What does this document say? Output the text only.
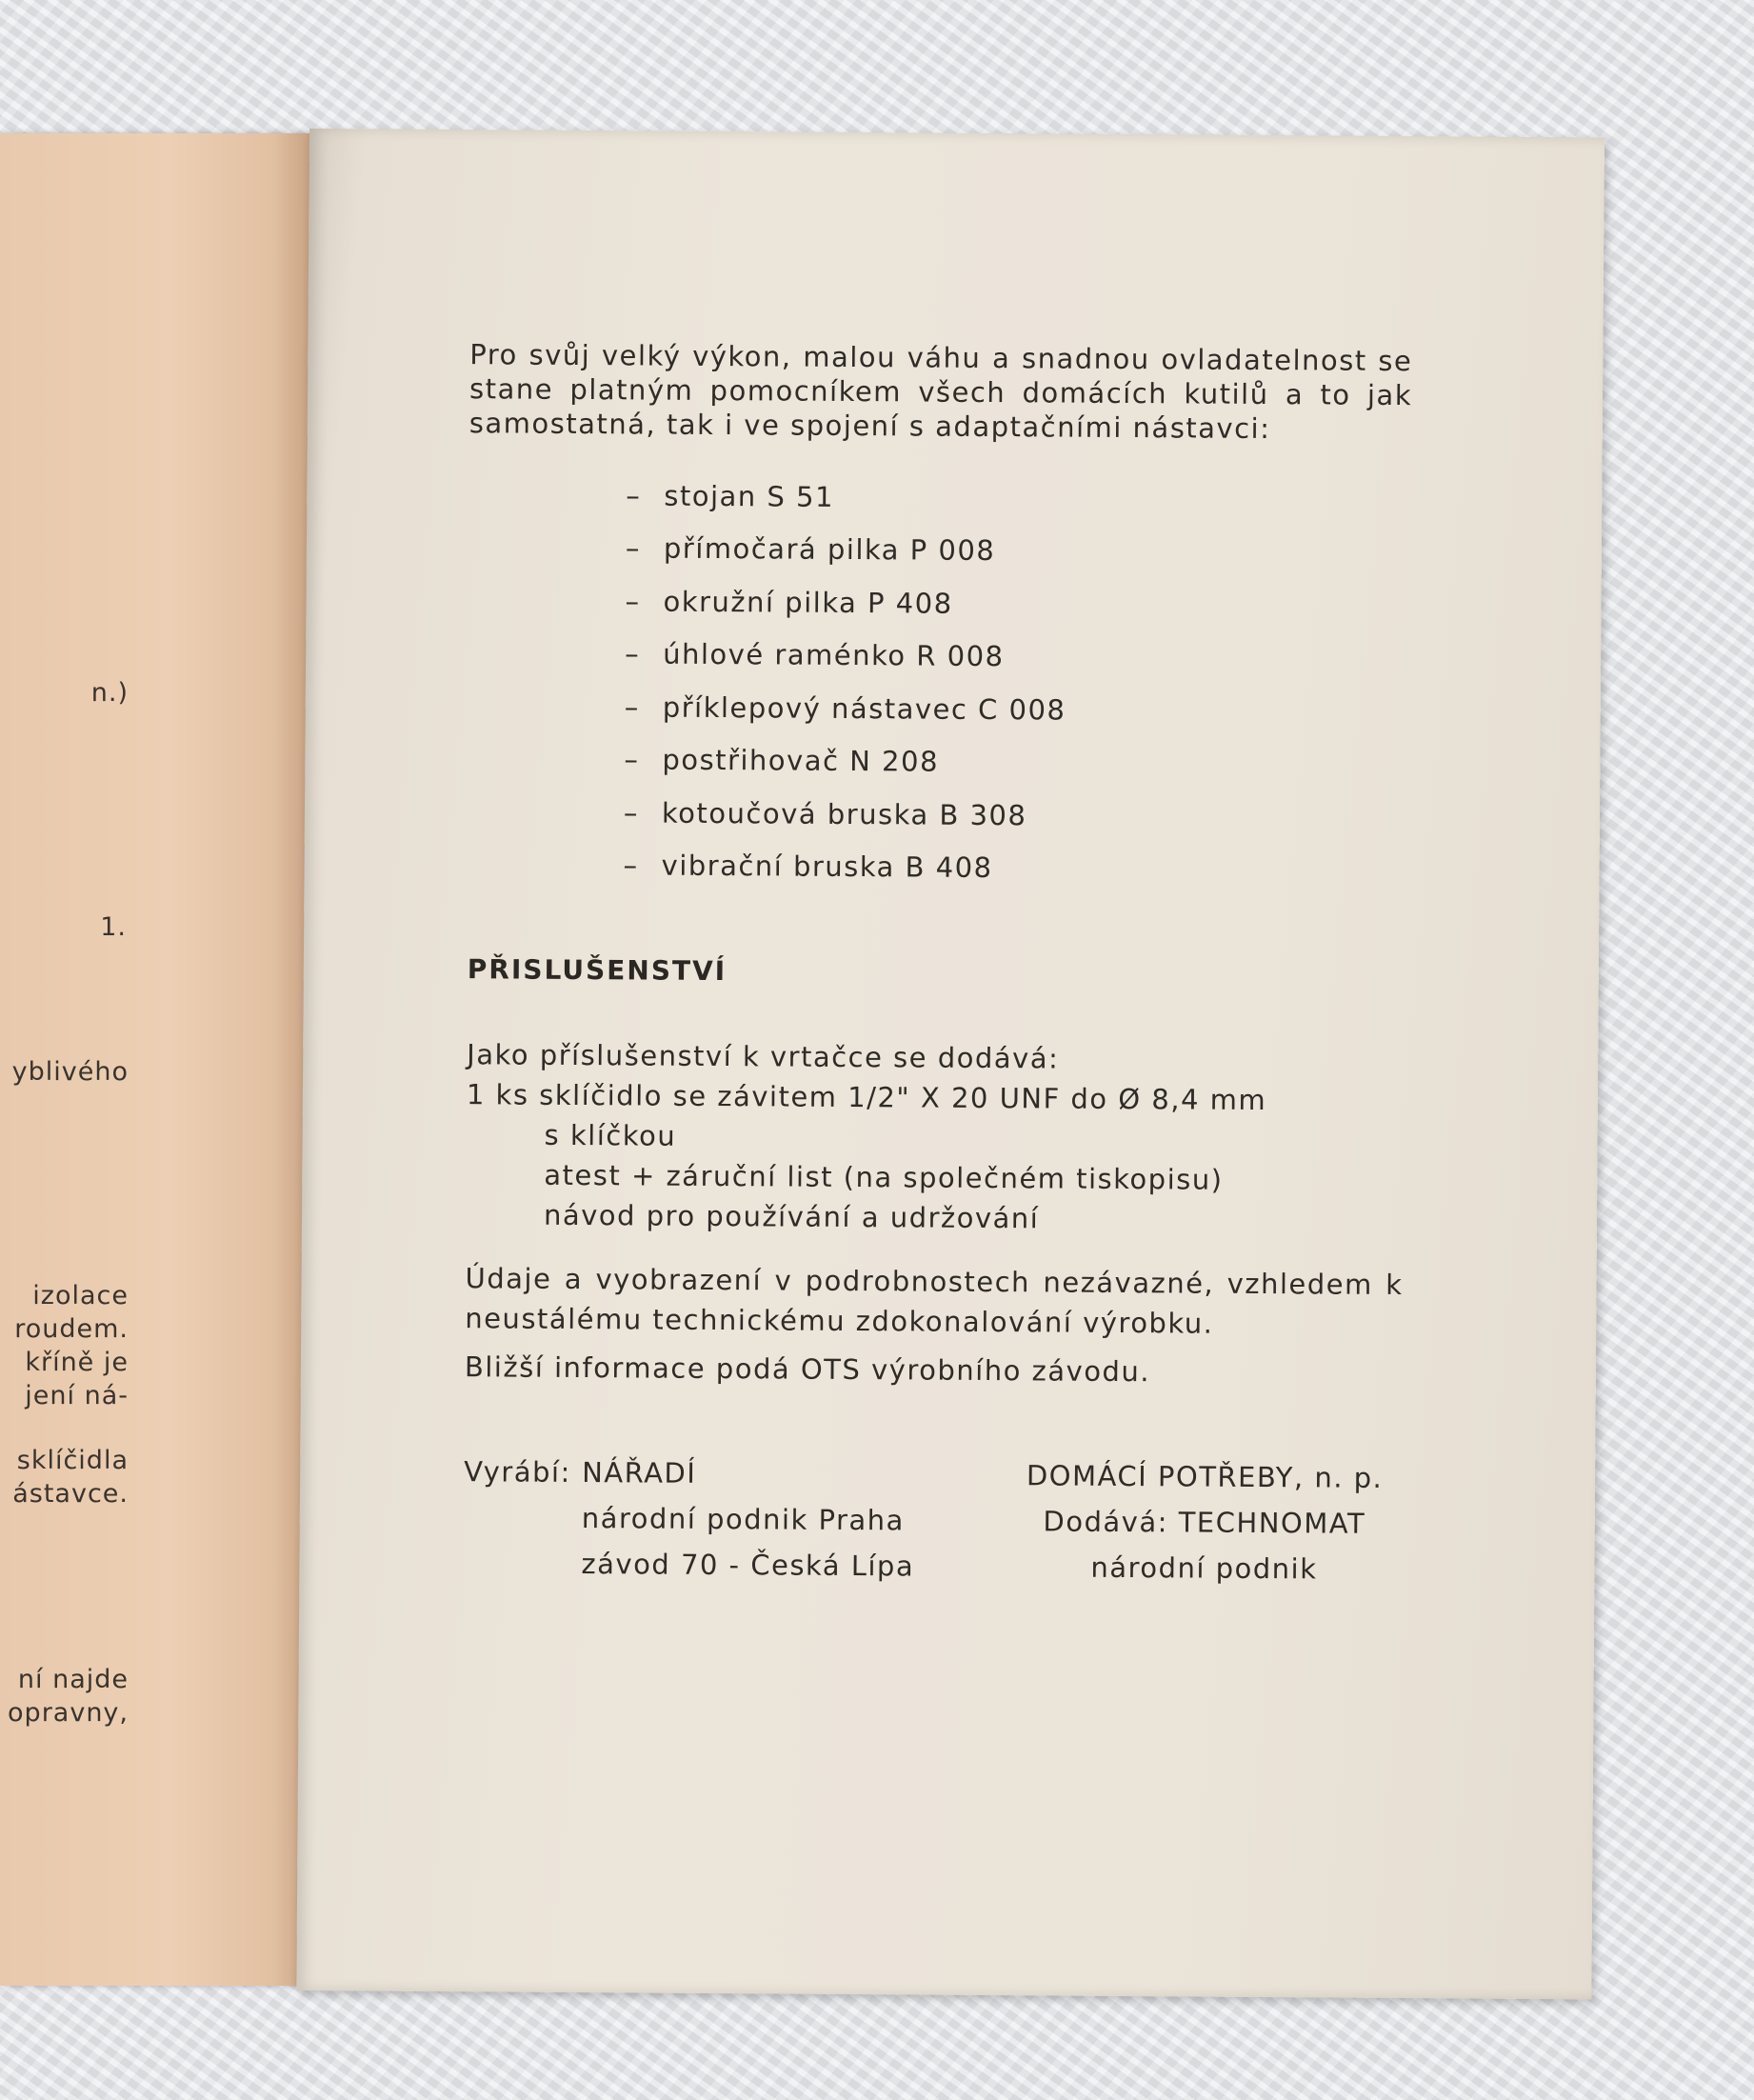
n.)
1.
yblivého
izolace
roudem.
kříně je
jení ná-
sklíčidla
ástavce.
ní najde
opravny,

Pro svůj velký výkon, malou váhu a snadnou ovladatelnost se stane platným pomocníkem všech domácích kutilů a to jak samostatná, tak i ve spojení s adaptačními nástavci:

– stojan S 51
– přímočará pilka P 008
– okružní pilka P 408
– úhlové raménko R 008
– příklepový nástavec C 008
– postřihovač N 208
– kotoučová bruska B 308
– vibrační bruska B 408
PŘISLUŠENSTVÍ
Jako příslušenství k vrtačce se dodává:
1 ks sklíčidlo se závitem 1/2" X 20 UNF do Ø 8,4 mm
s klíčkou
atest + záruční list (na společném tiskopisu)
návod pro používání a udržování

Údaje a vyobrazení v podrobnostech nezávazné, vzhledem k neustálému technickému zdokonalování výrobku.

Bližší informace podá OTS výrobního závodu.
Vyrábí: NÁŘADÍ
národní podnik Praha
závod 70 - Česká Lípa
DOMÁCÍ POTŘEBY, n. p.
Dodává: TECHNOMAT
národní podnik
